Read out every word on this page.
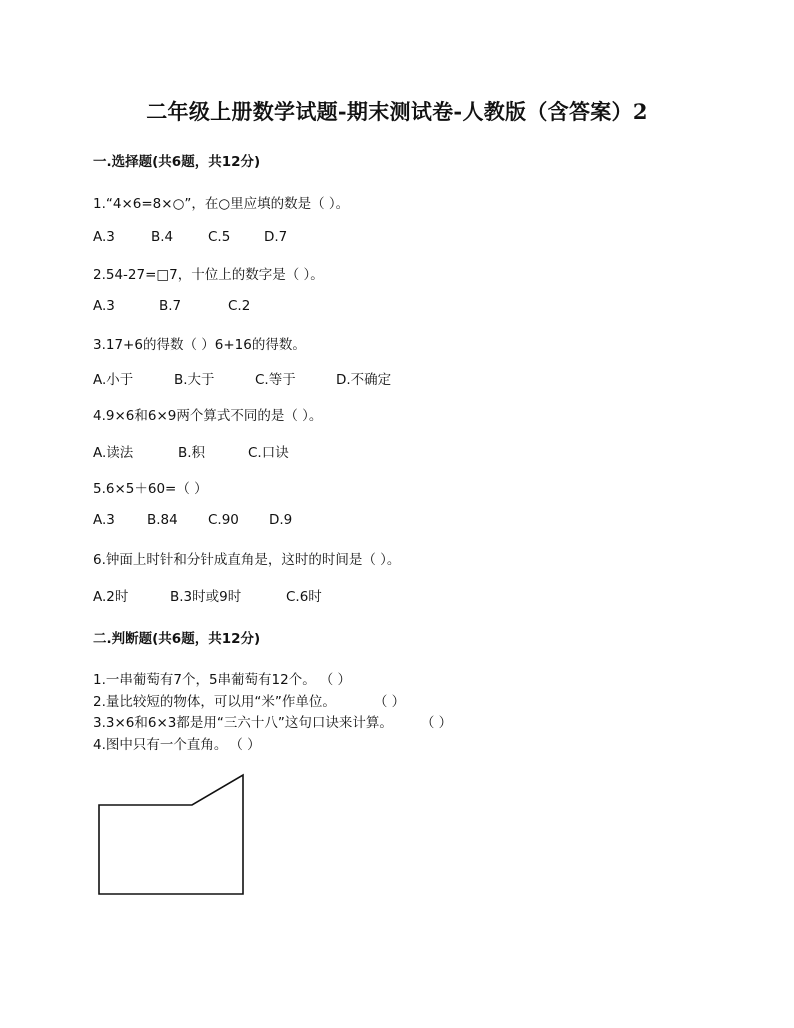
二年级上册数学试题-期末测试卷-人教版（含答案）2
一.选择题(共6题，共12分)
1.“4×6=8×○”，在○里应填的数是（ ）。
A.3	B.4	C.5 D.7
2.54-27=□7，十位上的数字是（ ）。
A.3	B.7	C.2
3.17+6的得数（ ）6+16的得数。
A.小于	B.大于	C.等于	D.不确定
4.9×6和6×9两个算式不同的是（ ）。
A.读法	B.积	C.口诀
5.6×5＋60=（ ）
A.3 B.84 C.90 D.9
6.钟面上时针和分针成直角是，这时的时间是（ ）。
A.2时	B.3时或9时	C.6时
二.判断题(共6题，共12分)
1.一串葡萄有7个，5串葡萄有12个。 （ ）
2.量比较短的物体，可以用“米”作单位。	（ ）
3.3×6和6×3都是用“三六十八”这句口诀来计算。 （ ）
4.图中只有一个直角。 （ ）
